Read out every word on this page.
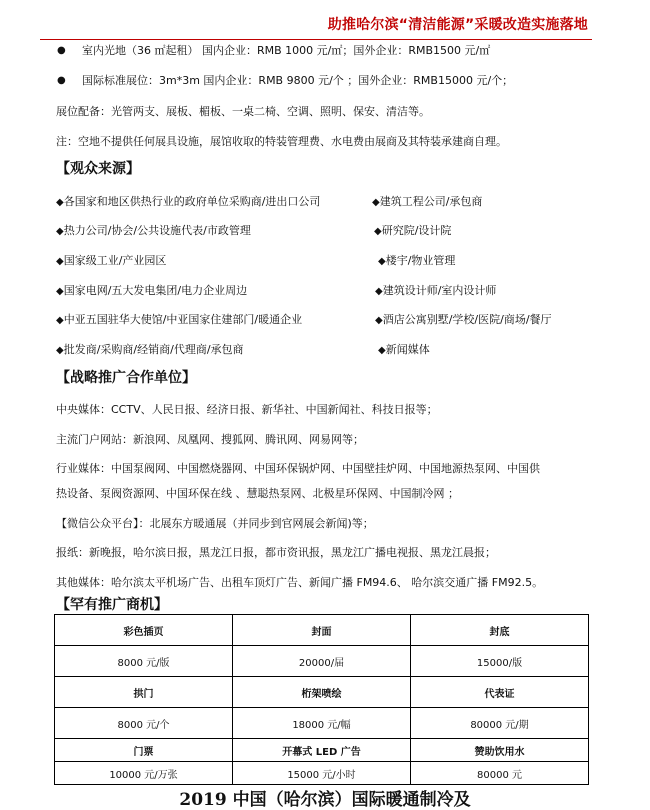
助推哈尔滨“清洁能源”采暖改造实施落地
● 室内光地（36 ㎡起租） 国内企业：RMB 1000 元/㎡；国外企业：RMB1500 元/㎡
● 国际标准展位：3m*3m 国内企业：RMB 9800 元/个 ；国外企业：RMB15000 元/个；
展位配备：光管两支、展板、楣板、一桌二椅、空调、照明、保安、清洁等。
注：空地不提供任何展具设施，展馆收取的特装管理费、水电费由展商及其特装承建商自理。
【观众来源】
◆各国家和地区供热行业的政府单位采购商/进出口公司
◆热力公司/协会/公共设施代表/市政管理
◆国家级工业/产业园区
◆国家电网/五大发电集团/电力企业周边
◆中亚五国驻华大使馆/中亚国家住建部门/暖通企业
◆批发商/采购商/经销商/代理商/承包商
◆建筑工程公司/承包商
◆研究院/设计院
◆楼宇/物业管理
◆建筑设计师/室内设计师
◆酒店公寓别墅/学校/医院/商场/餐厅
◆新闻媒体
【战略推广合作单位】
中央媒体：CCTV、人民日报、经济日报、新华社、中国新闻社、科技日报等；
主流门户网站：新浪网、凤凰网、搜狐网、腾讯网、网易网等；
行业媒体：中国泵阀网、中国燃烧器网、中国环保锅炉网、中国壁挂炉网、中国地源热泵网、中国供
热设备、泵阀资源网、中国环保在线 、慧聪热泵网、北极星环保网、中国制冷网 ；
【微信公众平台】：北展东方暖通展（并同步到官网展会新闻)等；
报纸：新晚报，哈尔滨日报，黑龙江日报，都市资讯报，黑龙江广播电视报、黑龙江晨报；
其他媒体：哈尔滨太平机场广告、出租车顶灯广告、新闻广播 FM94.6、 哈尔滨交通广播 FM92.5。
【罕有推广商机】
彩色插页	封面	封底
8000 元/版	20000/届	15000/版
拱门	桁架喷绘	代表证
8000 元/个	18000 元/幅	80000 元/期
门票	开幕式 LED 广告	赞助饮用水
10000 元/万张	15000 元/小时	80000 元
2019 中国（哈尔滨）国际暖通制冷及
